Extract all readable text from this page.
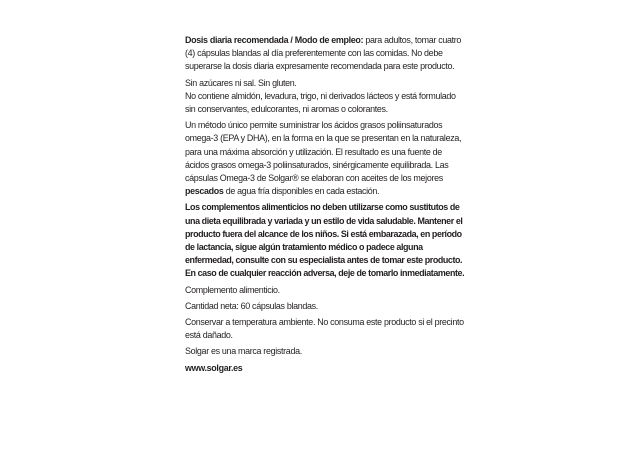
Dosis diaria recomendada / Modo de empleo: para adultos, tomar cuatro (4) cápsulas blandas al día preferentemente con las comidas. No debe superarse la dosis diaria expresamente recomendada para este producto.

Sin azúcares ni sal. Sin gluten.

No contiene almidón, levadura, trigo, ni derivados lácteos y está formulado sin conservantes, edulcorantes, ni aromas o colorantes.

Un método único permite suministrar los ácidos grasos poliinsaturados omega-3 (EPA y DHA), en la forma en la que se presentan en la naturaleza, para una máxima absorción y utilización. El resultado es una fuente de ácidos grasos omega-3 poliinsaturados, sinérgicamente equilibrada. Las cápsulas Omega-3 de Solgar® se elaboran con aceites de los mejores pescados de agua fría disponibles en cada estación.

Los complementos alimenticios no deben utilizarse como sustitutos de una dieta equilibrada y variada y un estilo de vida saludable. Mantener el producto fuera del alcance de los niños. Si está embarazada, en período de lactancia, sigue algún tratamiento médico o padece alguna enfermedad, consulte con su especialista antes de tomar este producto. En caso de cualquier reacción adversa, deje de tomarlo inmediatamente.

Complemento alimenticio.

Cantidad neta: 60 cápsulas blandas.

Conservar a temperatura ambiente. No consuma este producto si el precinto está dañado.

Solgar es una marca registrada.

www.solgar.es
